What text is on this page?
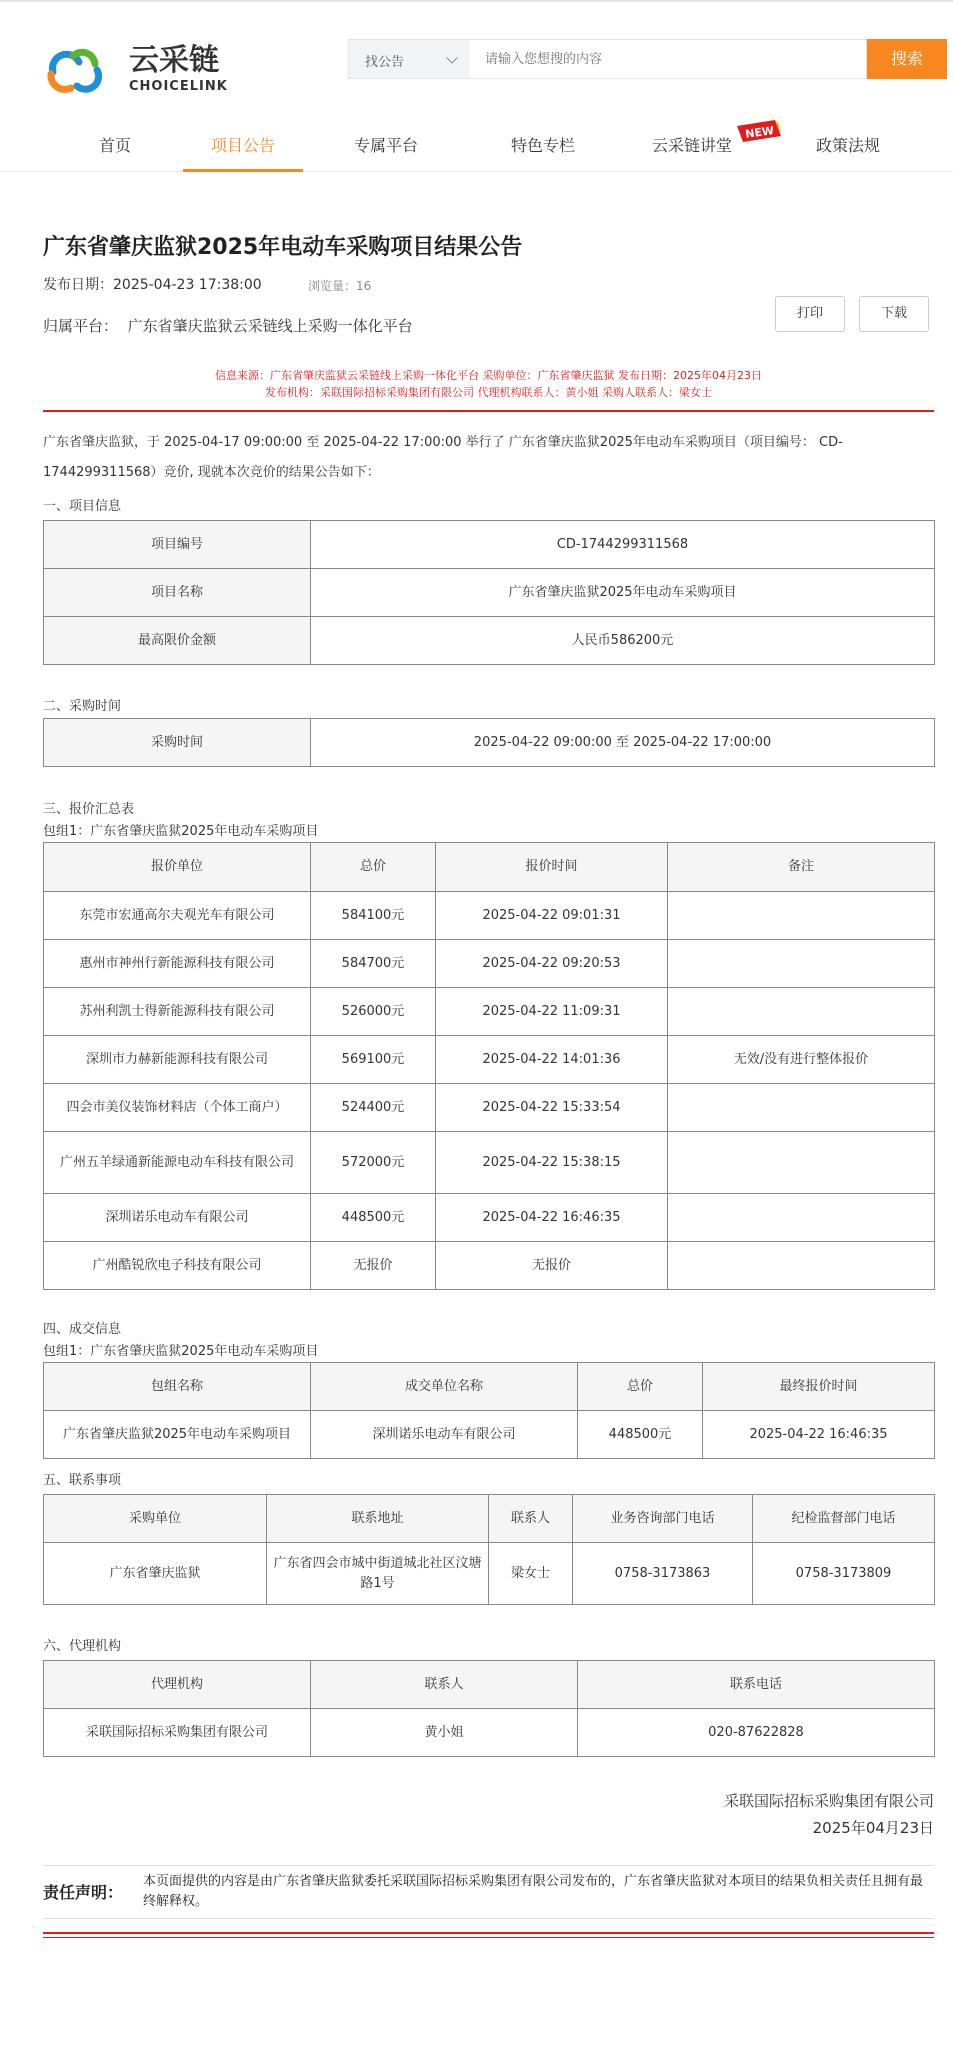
云采链
CHOICELINK
找公告
请输入您想搜的内容	搜索
首页	项目公告	专属平台	特色专栏	云采链讲堂	政策法规
NEW
广东省肇庆监狱2025年电动车采购项目结果公告
发布日期：2025-04-23 17:38:00	浏览量：16
归属平台： 广东省肇庆监狱云采链线上采购一体化平台
打印	下载
信息来源：广东省肇庆监狱云采链线上采购一体化平台 采购单位：广东省肇庆监狱 发布日期：2025年04月23日
发布机构：采联国际招标采购集团有限公司 代理机构联系人：黄小姐 采购人联系人：梁女士
广东省肇庆监狱，于 2025-04-17 09:00:00 至 2025-04-22 17:00:00 举行了 广东省肇庆监狱2025年电动车采购项目（项目编号： CD-1744299311568）竞价, 现就本次竞价的结果公告如下：
一、项目信息
项目编号	CD-1744299311568
项目名称	广东省肇庆监狱2025年电动车采购项目
最高限价金额	人民币586200元
二、采购时间
采购时间	2025-04-22 09:00:00 至 2025-04-22 17:00:00
三、报价汇总表
包组1：广东省肇庆监狱2025年电动车采购项目
报价单位	总价	报价时间	备注
东莞市宏通高尔夫观光车有限公司	584100元	2025-04-22 09:01:31	
惠州市神州行新能源科技有限公司	584700元	2025-04-22 09:20:53	
苏州利凯士得新能源科技有限公司	526000元	2025-04-22 11:09:31	
深圳市力赫新能源科技有限公司	569100元	2025-04-22 14:01:36	无效/没有进行整体报价
四会市美仪装饰材料店（个体工商户）	524400元	2025-04-22 15:33:54	
广州五羊绿通新能源电动车科技有限公司	572000元	2025-04-22 15:38:15	
深圳诺乐电动车有限公司	448500元	2025-04-22 16:46:35	
广州酷锐欣电子科技有限公司	无报价	无报价	
四、成交信息
包组1：广东省肇庆监狱2025年电动车采购项目
包组名称	成交单位名称	总价	最终报价时间
广东省肇庆监狱2025年电动车采购项目	深圳诺乐电动车有限公司	448500元	2025-04-22 16:46:35
五、联系事项
采购单位	联系地址	联系人	业务咨询部门电话	纪检监督部门电话
广东省肇庆监狱	广东省四会市城中街道城北社区汶塘路1号	梁女士	0758-3173863	0758-3173809
六、代理机构
代理机构	联系人	联系电话
采联国际招标采购集团有限公司	黄小姐	020-87622828
采联国际招标采购集团有限公司
2025年04月23日
责任声明：
本页面提供的内容是由广东省肇庆监狱委托采联国际招标采购集团有限公司发布的，广东省肇庆监狱对本项目的结果负相关责任且拥有最终解释权。
